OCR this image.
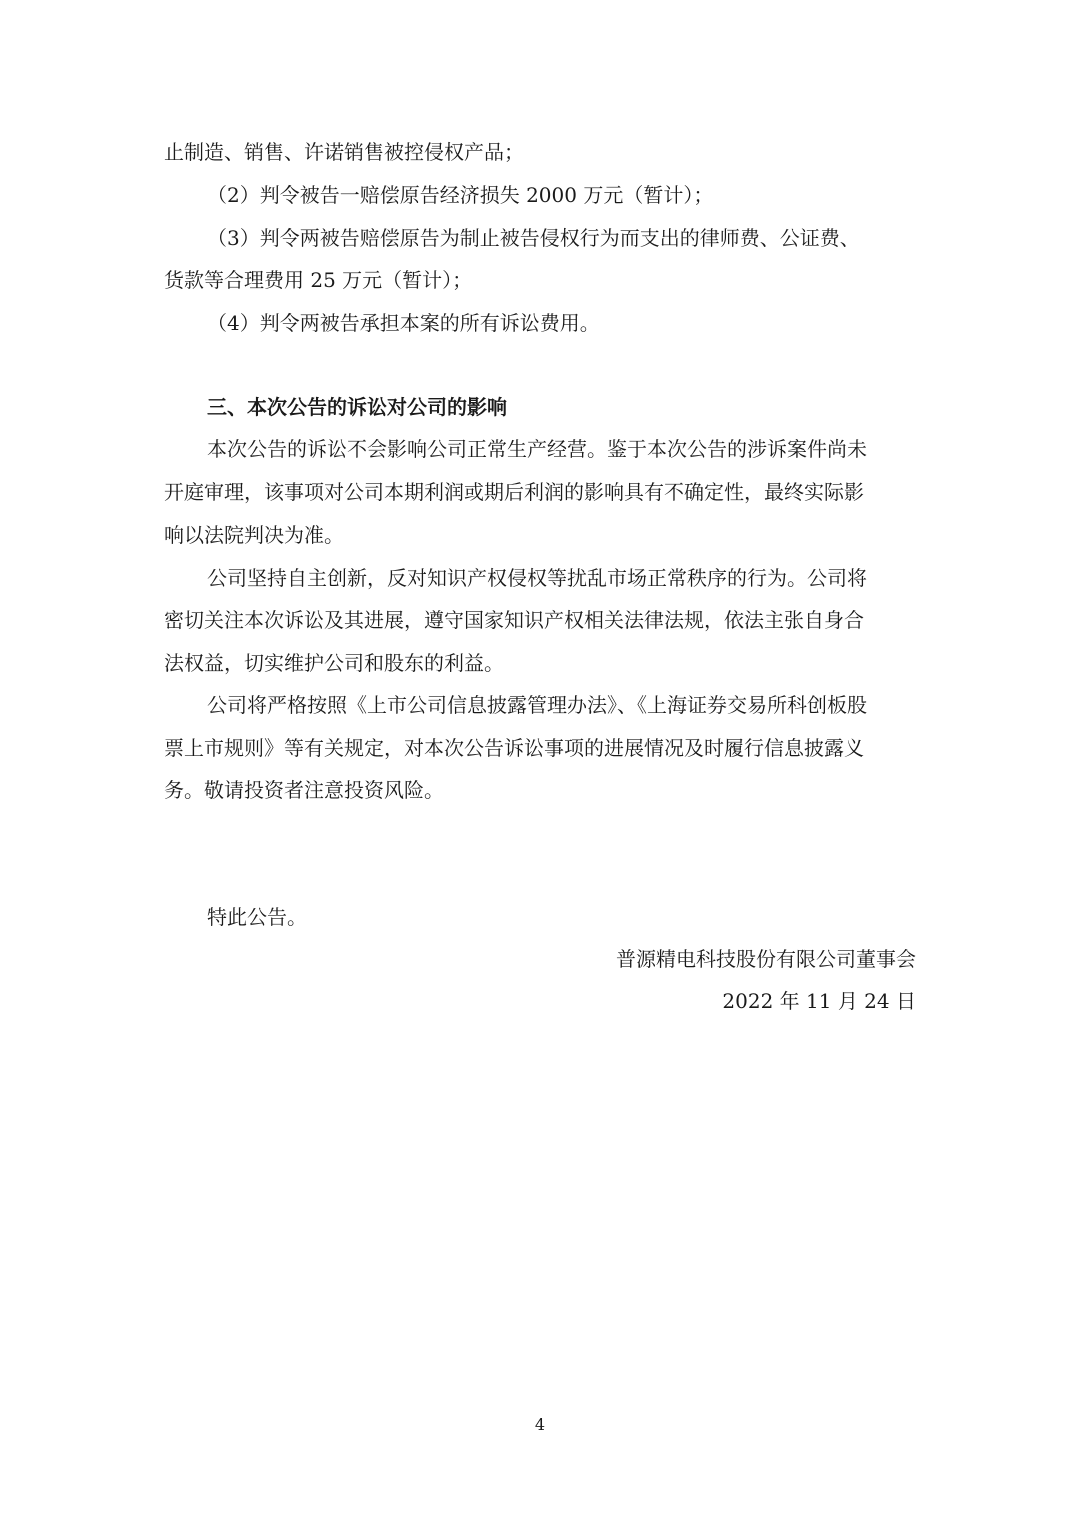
止制造、销售、许诺销售被控侵权产品；
（2）判令被告一赔偿原告经济损失 2000 万元（暂计）；
（3）判令两被告赔偿原告为制止被告侵权行为而支出的律师费、公证费、
货款等合理费用 25 万元（暂计）；
（4）判令两被告承担本案的所有诉讼费用。
三、本次公告的诉讼对公司的影响
本次公告的诉讼不会影响公司正常生产经营。鉴于本次公告的涉诉案件尚未
开庭审理，该事项对公司本期利润或期后利润的影响具有不确定性，最终实际影
响以法院判决为准。
公司坚持自主创新，反对知识产权侵权等扰乱市场正常秩序的行为。公司将
密切关注本次诉讼及其进展，遵守国家知识产权相关法律法规，依法主张自身合
法权益，切实维护公司和股东的利益。
公司将严格按照《上市公司信息披露管理办法》、《上海证券交易所科创板股
票上市规则》等有关规定，对本次公告诉讼事项的进展情况及时履行信息披露义
务。敬请投资者注意投资风险。
特此公告。
普源精电科技股份有限公司董事会
2022 年 11 月 24 日
4
